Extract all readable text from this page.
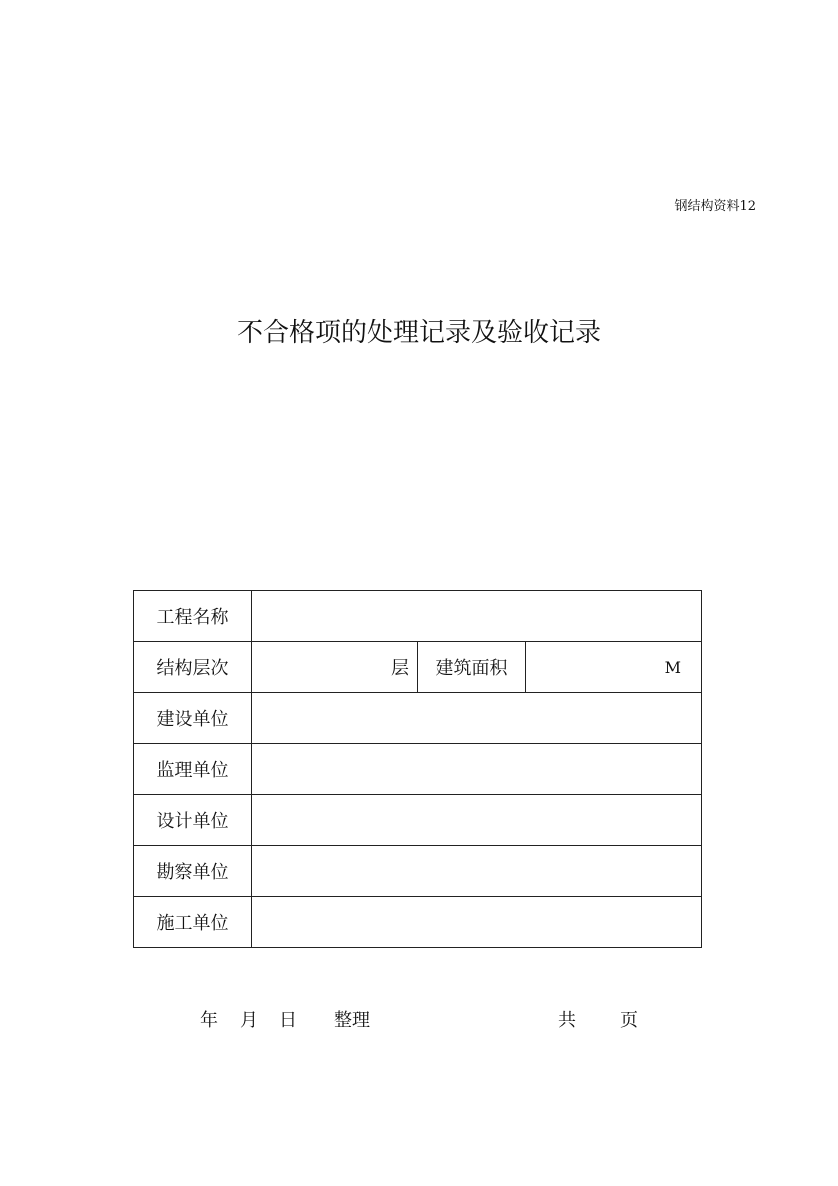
钢结构资料12
不合格项的处理记录及验收记录
工程名称			
结构层次	层	建筑面积	M
建设单位			
监理单位			
设计单位			
勘察单位			
施工单位			
年 月 日 整理	共 页
